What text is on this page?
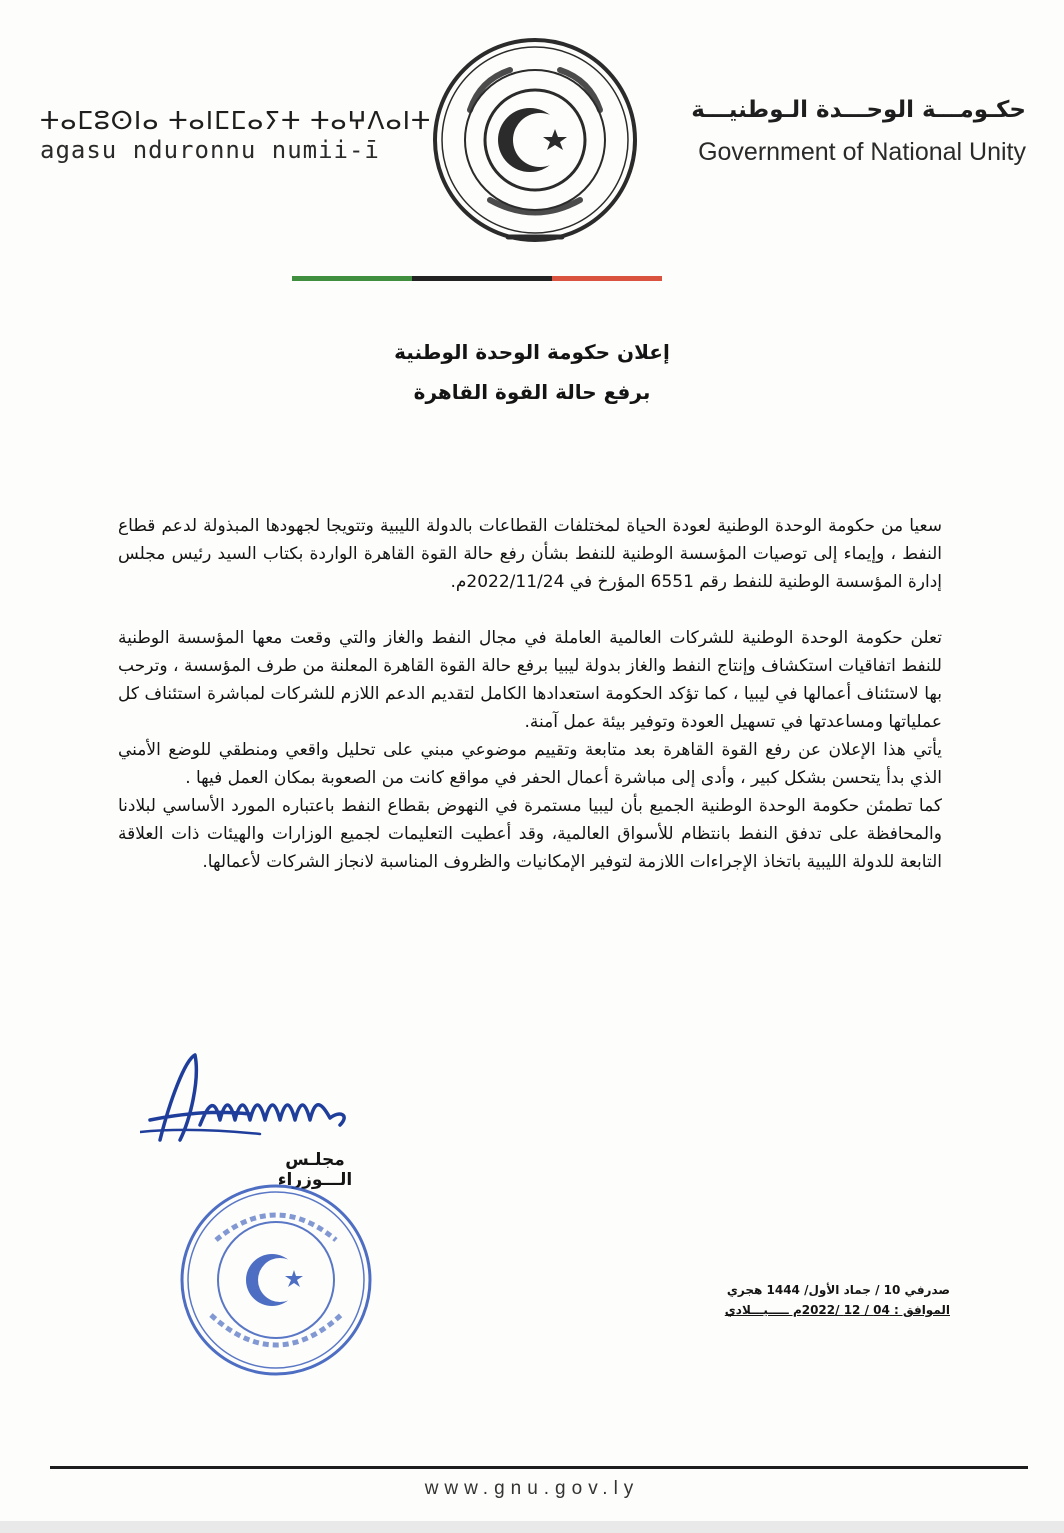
ⵜⴰⵎⵓⵙⵏⴰ ⵜⴰⵏⵎⵎⴰⵢⵜ ⵜⴰⵖⴷⴰⵏⵜ
agasu nduronnu numii-ī
حكـومـــة الوحـــدة الـوطنيـــة
Government of National Unity
إعلان حكومة الوحدة الوطنية
برفع حالة القوة القاهرة

سعيا من حكومة الوحدة الوطنية لعودة الحياة لمختلفات القطاعات بالدولة الليبية وتتويجا لجهودها المبذولة لدعم قطاع النفط ، وإيماء إلى توصيات المؤسسة الوطنية للنفط بشأن رفع حالة القوة القاهرة الواردة بكتاب السيد رئيس مجلس إدارة المؤسسة الوطنية للنفط رقم 6551 المؤرخ في 2022/11/24م.

تعلن حكومة الوحدة الوطنية للشركات العالمية العاملة في مجال النفط والغاز والتي وقعت معها المؤسسة الوطنية للنفط اتفاقيات استكشاف وإنتاج النفط والغاز بدولة ليبيا برفع حالة القوة القاهرة المعلنة من طرف المؤسسة ، وترحب بها لاستئناف أعمالها في ليبيا ، كما تؤكد الحكومة استعدادها الكامل لتقديم الدعم اللازم للشركات لمباشرة استئناف كل عملياتها ومساعدتها في تسهيل العودة وتوفير بيئة عمل آمنة.

يأتي هذا الإعلان عن رفع القوة القاهرة بعد متابعة وتقييم موضوعي مبني على تحليل واقعي ومنطقي للوضع الأمني الذي بدأ يتحسن بشكل كبير ، وأدى إلى مباشرة أعمال الحفر في مواقع كانت من الصعوبة بمكان العمل فيها .

كما تطمئن حكومة الوحدة الوطنية الجميع بأن ليبيا مستمرة في النهوض بقطاع النفط باعتباره المورد الأساسي لبلادنا والمحافظة على تدفق النفط بانتظام للأسواق العالمية، وقد أعطيت التعليمات لجميع الوزارات والهيئات ذات العلاقة التابعة للدولة الليبية باتخاذ الإجراءات اللازمة لتوفير الإمكانيات والظروف المناسبة لانجاز الشركات لأعمالها.

مجلـس الـــوزراء
صدرفي 10 / جماد الأول/ 1444 هجري
الموافق : 04 / 12 /2022م ـــــيـــلادي
www.gnu.gov.ly
